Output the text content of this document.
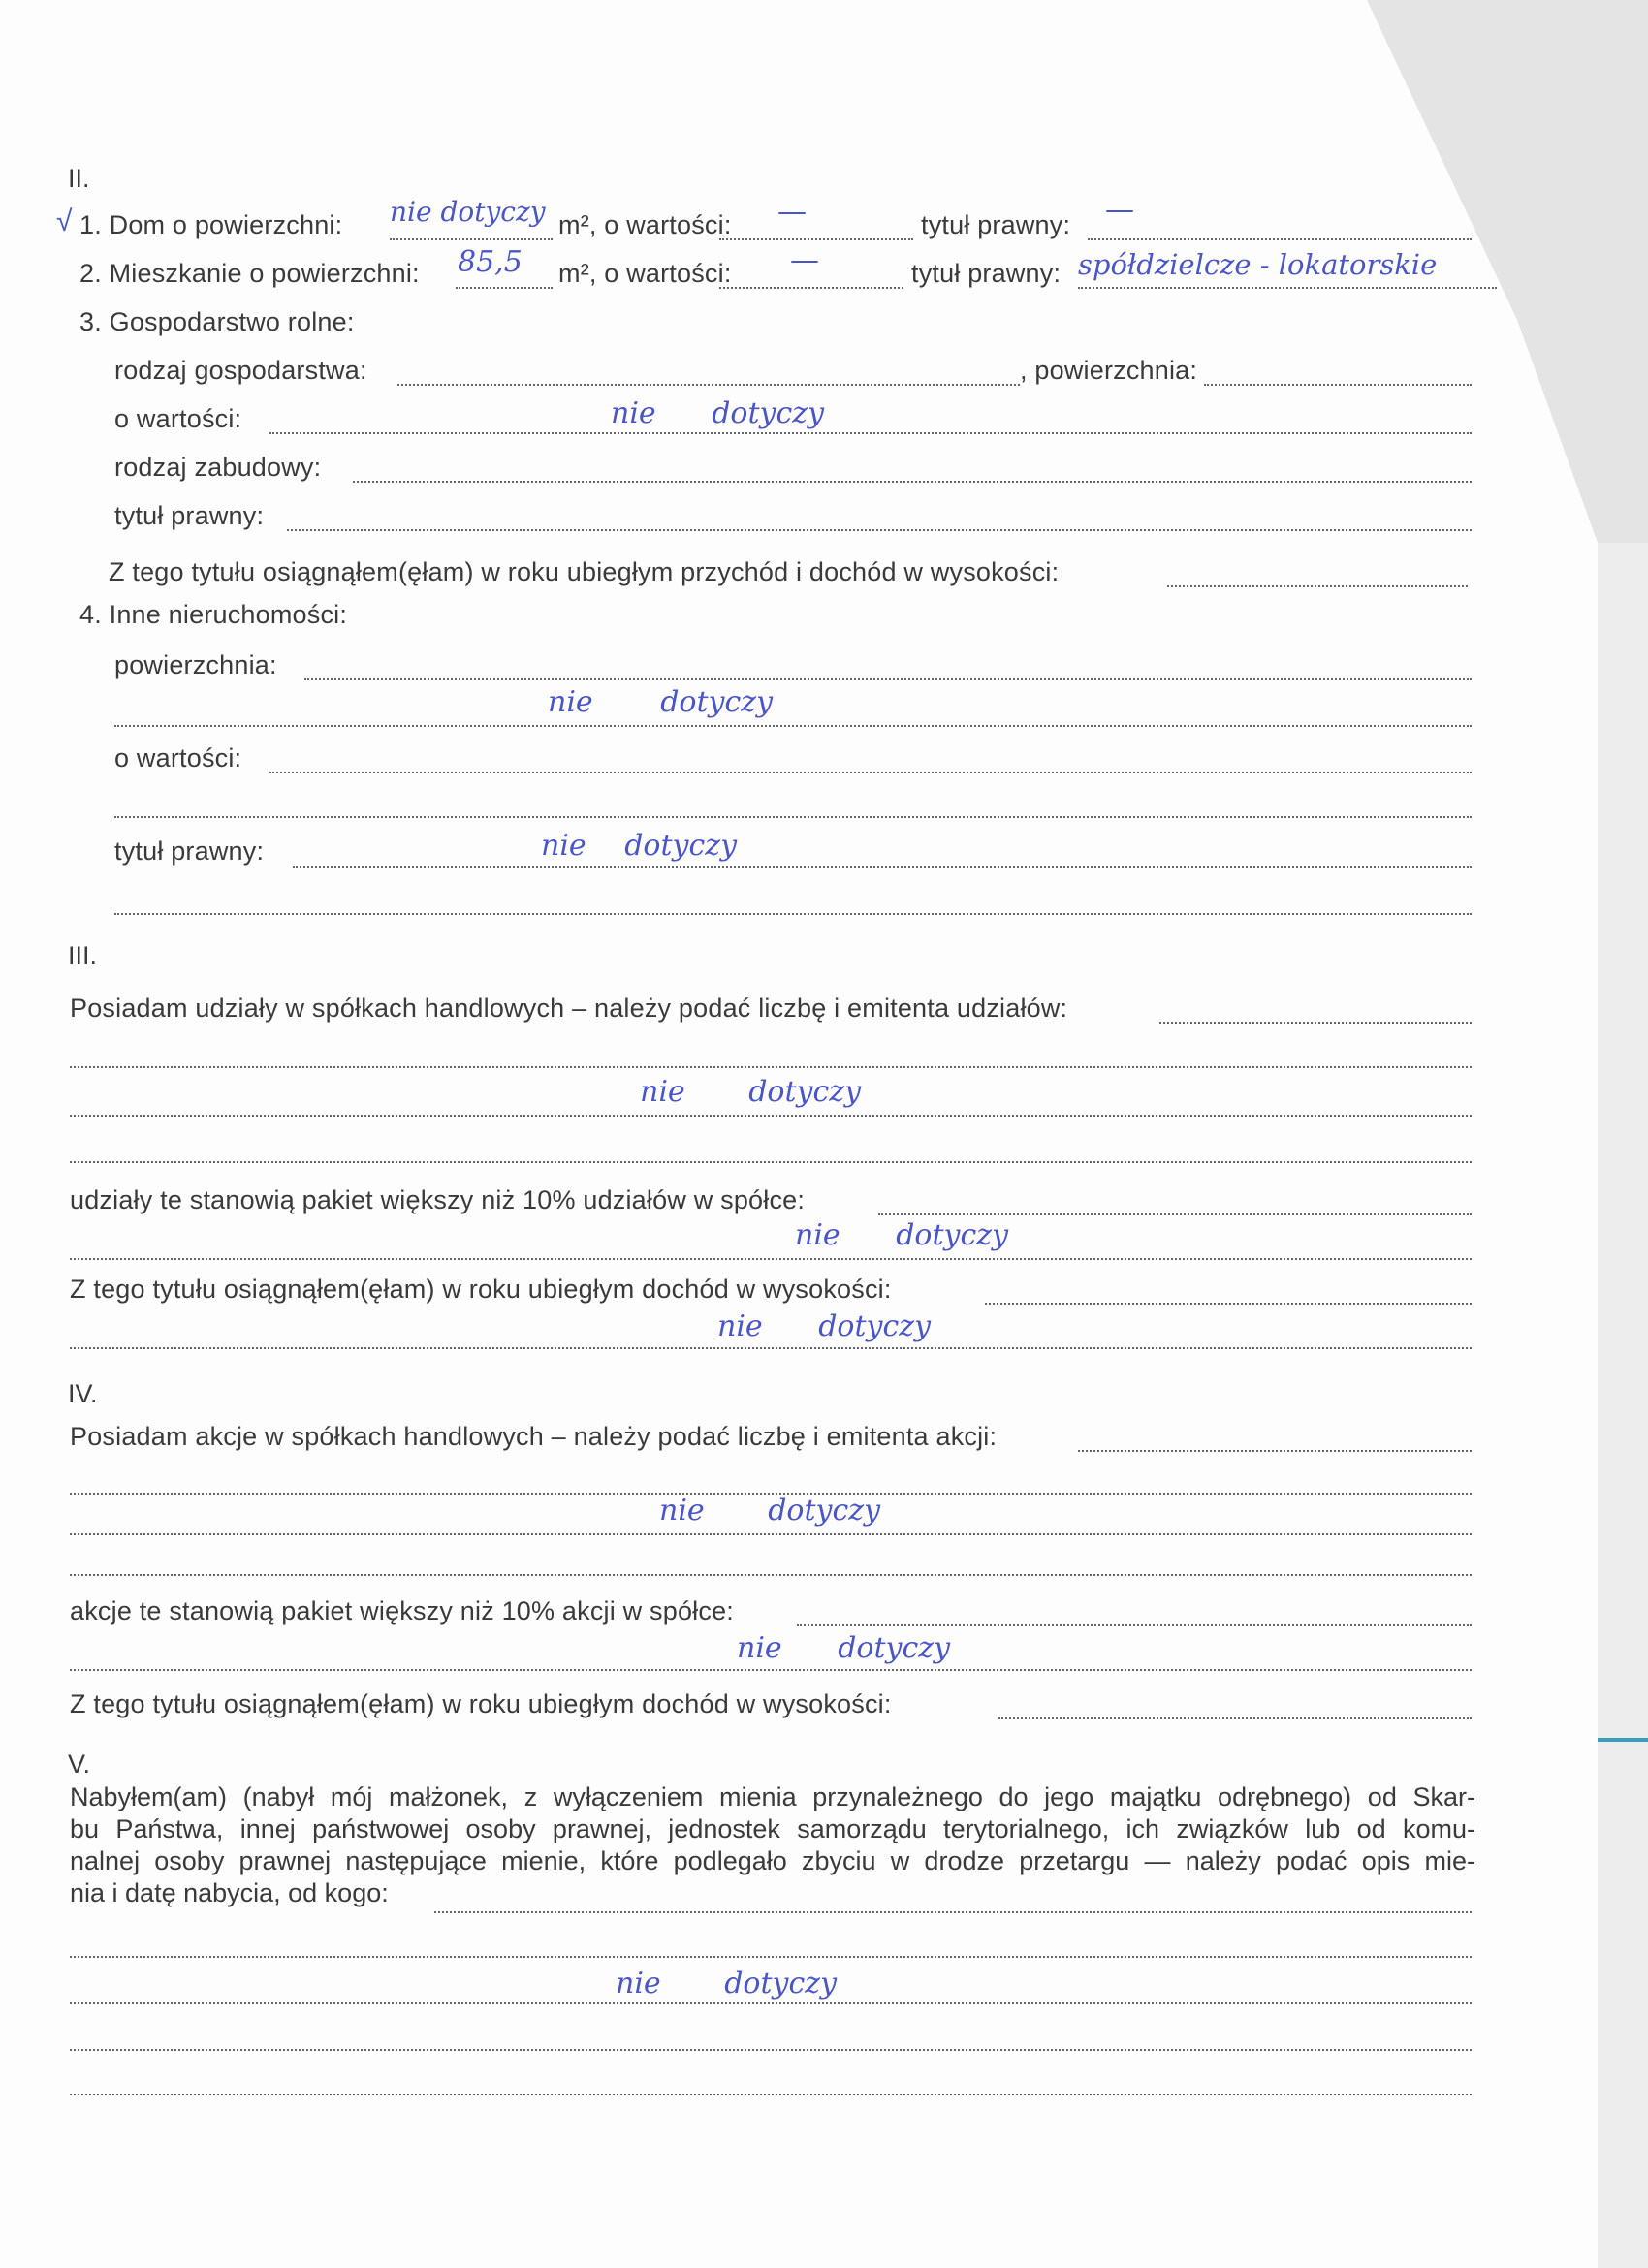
II.
√ 1. Dom o powierzchni: nie dotyczy m², o wartości: —	tytuł prawny: —
2. Mieszkanie o powierzchni: 85,5 m², o wartości: —	tytuł prawny: spółdzielcze - lokatorskie
3. Gospodarstwo rolne:
rodzaj gospodarstwa:	, powierzchnia:
o wartości:	nie dotyczy
rodzaj zabudowy:
tytuł prawny:
Z tego tytułu osiągnąłem(ęłam) w roku ubiegłym przychód i dochód w wysokości:
4. Inne nieruchomości:
powierzchnia:
nie dotyczy
o wartości:
tytuł prawny:	nie dotyczy
III.
Posiadam udziały w spółkach handlowych – należy podać liczbę i emitenta udziałów:
nie dotyczy
udziały te stanowią pakiet większy niż 10% udziałów w spółce:
nie dotyczy
Z tego tytułu osiągnąłem(ęłam) w roku ubiegłym dochód w wysokości:
nie dotyczy
IV.
Posiadam akcje w spółkach handlowych – należy podać liczbę i emitenta akcji:
nie dotyczy
akcje te stanowią pakiet większy niż 10% akcji w spółce:
nie dotyczy
Z tego tytułu osiągnąłem(ęłam) w roku ubiegłym dochód w wysokości:
V.
Nabyłem(am) (nabył mój małżonek, z wyłączeniem mienia przynależnego do jego majątku odrębnego) od Skar-
bu Państwa, innej państwowej osoby prawnej, jednostek samorządu terytorialnego, ich związków lub od komu-
nalnej osoby prawnej następujące mienie, które podlegało zbyciu w drodze przetargu — należy podać opis mie-
nia i datę nabycia, od kogo:
nie dotyczy
